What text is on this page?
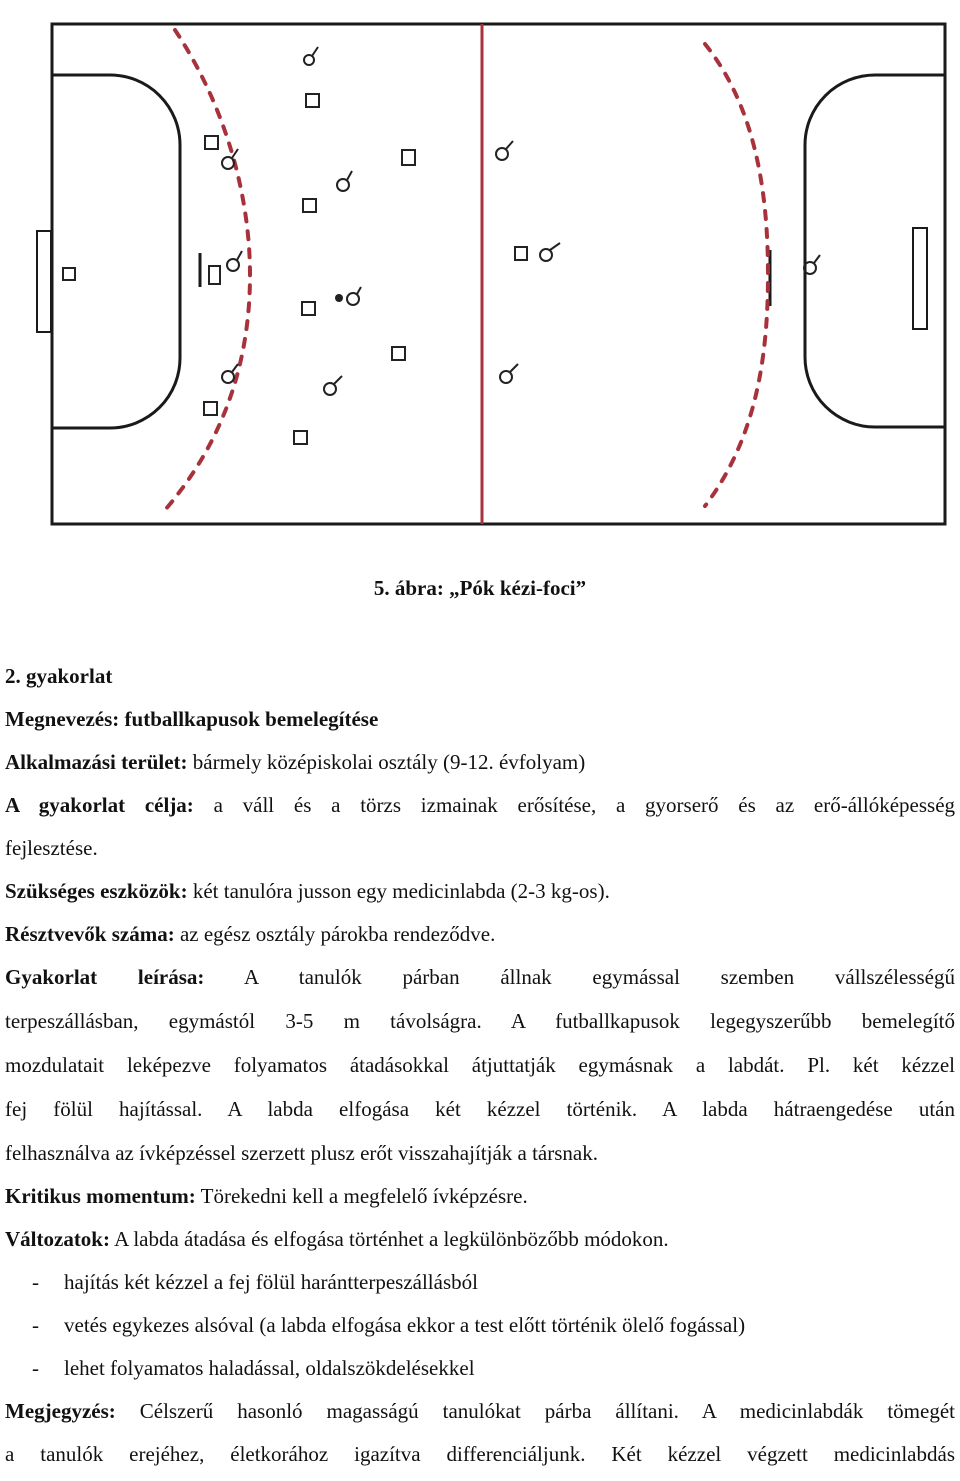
5. ábra: „Pók kézi-foci”
2. gyakorlat
Megnevezés: futballkapusok bemelegítése
Alkalmazási terület: bármely középiskolai osztály (9-12. évfolyam)
A gyakorlat célja: a váll és a törzs izmainak erősítése, a gyorserő és az erő-állóképesség
fejlesztése.
Szükséges eszközök: két tanulóra jusson egy medicinlabda (2-3 kg-os).
Résztvevők száma: az egész osztály párokba rendeződve.
Gyakorlat leírása: A tanulók párban állnak egymással szemben vállszélességű
terpeszállásban, egymástól 3-5 m távolságra. A futballkapusok legegyszerűbb bemelegítő
mozdulatait leképezve folyamatos átadásokkal átjuttatják egymásnak a labdát. Pl. két kézzel
fej fölül hajítással. A labda elfogása két kézzel történik. A labda hátraengedése után
felhasználva az ívképzéssel szerzett plusz erőt visszahajítják a társnak.
Kritikus momentum: Törekedni kell a megfelelő ívképzésre.
Változatok: A labda átadása és elfogása történhet a legkülönbözőbb módokon.
- hajítás két kézzel a fej fölül harántterpeszállásból
- vetés egykezes alsóval (a labda elfogása ekkor a test előtt történik ölelő fogással)
- lehet folyamatos haladással, oldalszökdelésekkel
Megjegyzés: Célszerű hasonló magasságú tanulókat párba állítani. A medicinlabdák tömegét
a tanulók erejéhez, életkorához igazítva differenciáljunk. Két kézzel végzett medicinlabdás
